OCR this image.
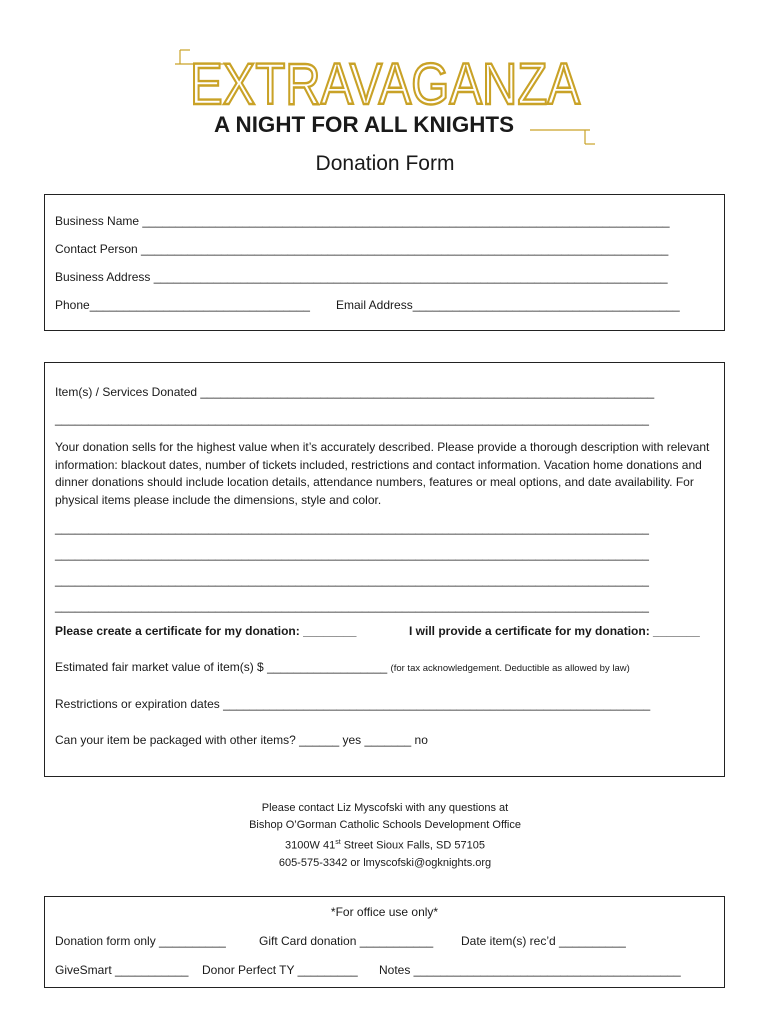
EXTRAVAGANZA
A NIGHT FOR ALL KNIGHTS
Donation Form
Business Name _______________________________________________________________________________
Contact Person _______________________________________________________________________________
Business Address _____________________________________________________________________________
Phone_________________________________ Email Address________________________________________
Item(s) / Services Donated ____________________________________________________________________
_________________________________________________________________________________________
Your donation sells for the highest value when it’s accurately described. Please provide a thorough description with relevant information: blackout dates, number of tickets included, restrictions and contact information. Vacation home donations and dinner donations should include location details, attendance numbers, features or meal options, and date availability. For physical items please include the dimensions, style and color.
_________________________________________________________________________________________
_________________________________________________________________________________________
_________________________________________________________________________________________
_________________________________________________________________________________________
Please create a certificate for my donation: ________	I will provide a certificate for my donation: _______
Estimated fair market value of item(s) $ __________________ (for tax acknowledgement. Deductible as allowed by law)
Restrictions or expiration dates ________________________________________________________________
Can your item be packaged with other items? ______ yes _______ no
Please contact Liz Myscofski with any questions at
Bishop O’Gorman Catholic Schools Development Office
3100W 41st Street Sioux Falls, SD 57105
605-575-3342 or lmyscofski@ogknights.org
*For office use only*
Donation form only __________	Gift Card donation ___________ Date item(s) rec’d __________
GiveSmart ___________ Donor Perfect TY _________ Notes ________________________________________
